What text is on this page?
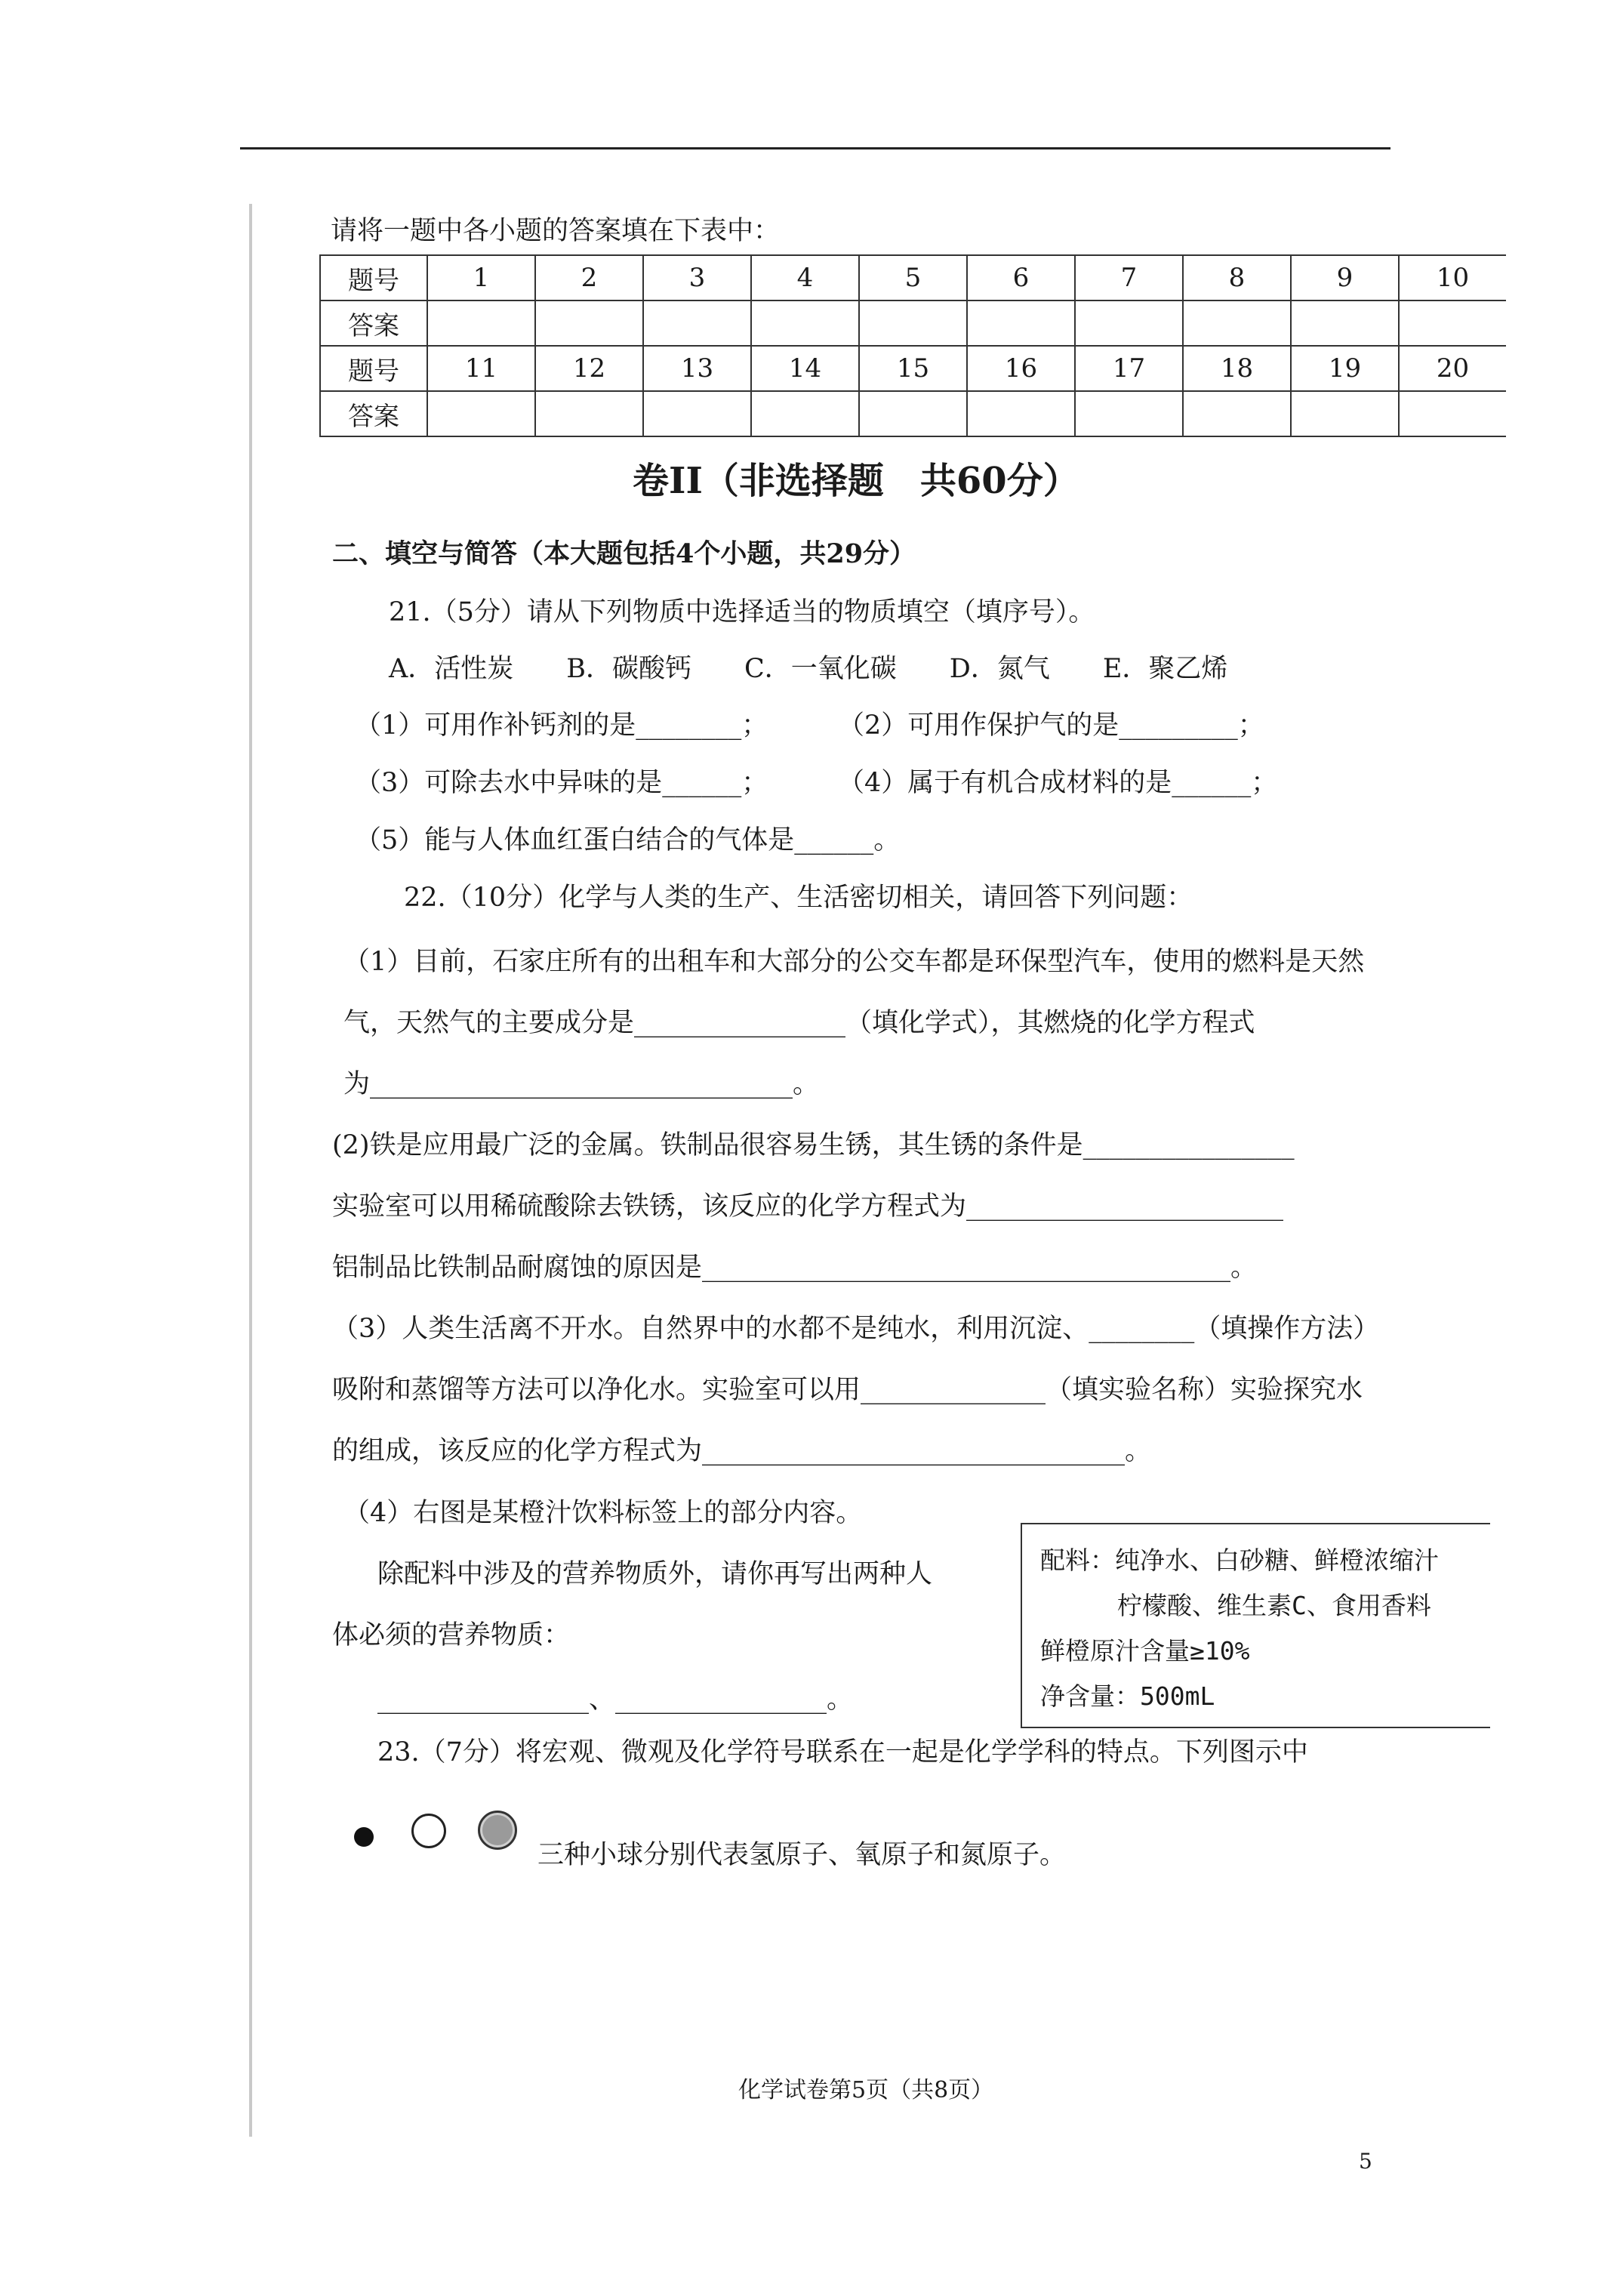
请将一题中各小题的答案填在下表中：
题号	1	2	3	4	5	6	7	8	9	10
答案										
题号	11	12	13	14	15	16	17	18	19	20
答案										
卷II（非选择题　共60分）
二、填空与简答（本大题包括4个小题，共29分）
21.（5分）请从下列物质中选择适当的物质填空（填序号）。
A．活性炭　　B．碳酸钙　　C．一氧化碳　　D．氮气　　E．聚乙烯
（1）可用作补钙剂的是________；	（2）可用作保护气的是_________；
（3）可除去水中异味的是______；	（4）属于有机合成材料的是______；
（5）能与人体血红蛋白结合的气体是______。
22.（10分）化学与人类的生产、生活密切相关，请回答下列问题：
（1）目前，石家庄所有的出租车和大部分的公交车都是环保型汽车，使用的燃料是天然
气，天然气的主要成分是________________（填化学式），其燃烧的化学方程式
为________________________________。
(2)铁是应用最广泛的金属。铁制品很容易生锈，其生锈的条件是________________
实验室可以用稀硫酸除去铁锈，该反应的化学方程式为________________________
铝制品比铁制品耐腐蚀的原因是________________________________________。
（3）人类生活离不开水。自然界中的水都不是纯水，利用沉淀、________（填操作方法）
吸附和蒸馏等方法可以净化水。实验室可以用______________（填实验名称）实验探究水
的组成，该反应的化学方程式为________________________________。
（4）右图是某橙汁饮料标签上的部分内容。
除配料中涉及的营养物质外，请你再写出两种人
体必须的营养物质：
________________、________________。
配料：纯净水、白砂糖、鲜橙浓缩汁
柠檬酸、维生素C、食用香料
鲜橙原汁含量≥10%
净含量：500mL
23.（7分）将宏观、微观及化学符号联系在一起是化学学科的特点。下列图示中
三种小球分别代表氢原子、氧原子和氮原子。
化学试卷第5页（共8页）
5
